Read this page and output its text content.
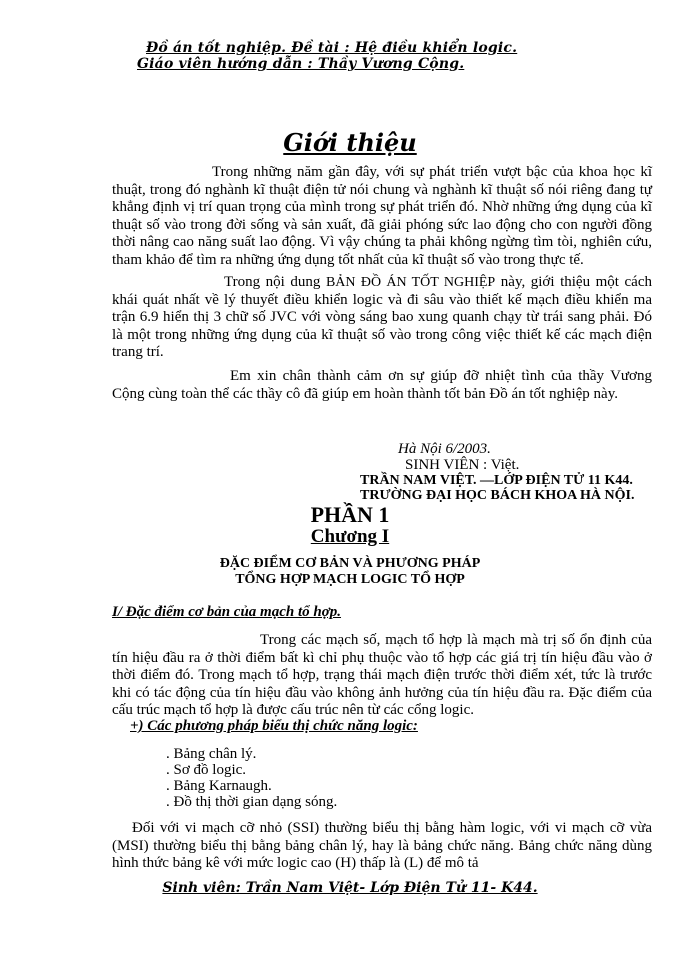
Đồ án tốt nghiệp. Đề tài : Hệ điều khiển logic.
Giáo viên hướng dẫn : Thầy Vương Cộng.
Giới thiệu
Trong những năm gần đây, với sự phát triển vượt bậc của khoa học kĩ thuật, trong đó nghành kĩ thuật điện tử nói chung và nghành kĩ thuật số nói riêng đang tự khẳng định vị trí quan trọng của mình trong sự phát triển đó. Nhờ những ứng dụng của kĩ thuật số vào trong đời sống và sản xuất, đã giải phóng sức lao động cho con người đồng thời nâng cao năng suất lao động. Vì vậy chúng ta phải không ngừng tìm tòi, nghiên cứu, tham khảo để tìm ra những ứng dụng tốt nhất của kĩ thuật số vào trong thực tế.
Trong nội dung BẢN ĐỒ ÁN TỐT NGHIỆP này, giới thiệu một cách khái quát nhất về lý thuyết điều khiển logic và đi sâu vào thiết kế mạch điều khiển ma trận 6.9 hiển thị 3 chữ số JVC với vòng sáng bao xung quanh chạy từ trái sang phải. Đó là một trong những ứng dụng của kĩ thuật số vào trong công việc thiết kế các mạch điện trang trí.
Em xin chân thành cảm ơn sự giúp đỡ nhiệt tình của thầy Vương Cộng cùng toàn thể các thầy cô đã giúp em hoàn thành tốt bản Đồ án tốt nghiệp này.
Hà Nội 6/2003.
SINH VIÊN : Việt.
TRẦN NAM VIỆT. —LỚP ĐIỆN TỬ 11 K44.
TRƯỜNG ĐẠI HỌC BÁCH KHOA HÀ NỘI.
PHẦN 1
Chương I
ĐẶC ĐIỂM CƠ BẢN VÀ PHƯƠNG PHÁP
TỔNG HỢP MẠCH LOGIC TỔ HỢP
I/ Đặc điểm cơ bản của mạch tổ hợp.
Trong các mạch số, mạch tổ hợp là mạch mà trị số ổn định của tín hiệu đầu ra ở thời điểm bất kì chỉ phụ thuộc vào tổ hợp các giá trị tín hiệu đầu vào ở thời điểm đó. Trong mạch tổ hợp, trạng thái mạch điện trước thời điểm xét, tức là trước khi có tác động của tín hiệu đầu vào không ảnh hưởng của tín hiệu đầu ra. Đặc điểm của cấu trúc mạch tổ hợp là được cấu trúc nên từ các cổng logic.
+) Các phương pháp biểu thị chức năng logic:
. Bảng chân lý.
. Sơ đồ logic.
. Bảng Karnaugh.
. Đồ thị thời gian dạng sóng.
Đối với vi mạch cỡ nhỏ (SSI) thường biểu thị bằng hàm logic, với vi mạch cỡ vừa (MSI) thường biểu thị bằng bảng chân lý, hay là bảng chức năng. Bảng chức năng dùng hình thức bảng kê với mức logic cao (H) thấp là (L) để mô tả
Sinh viên: Trần Nam Việt- Lớp Điện Tử 11- K44.
